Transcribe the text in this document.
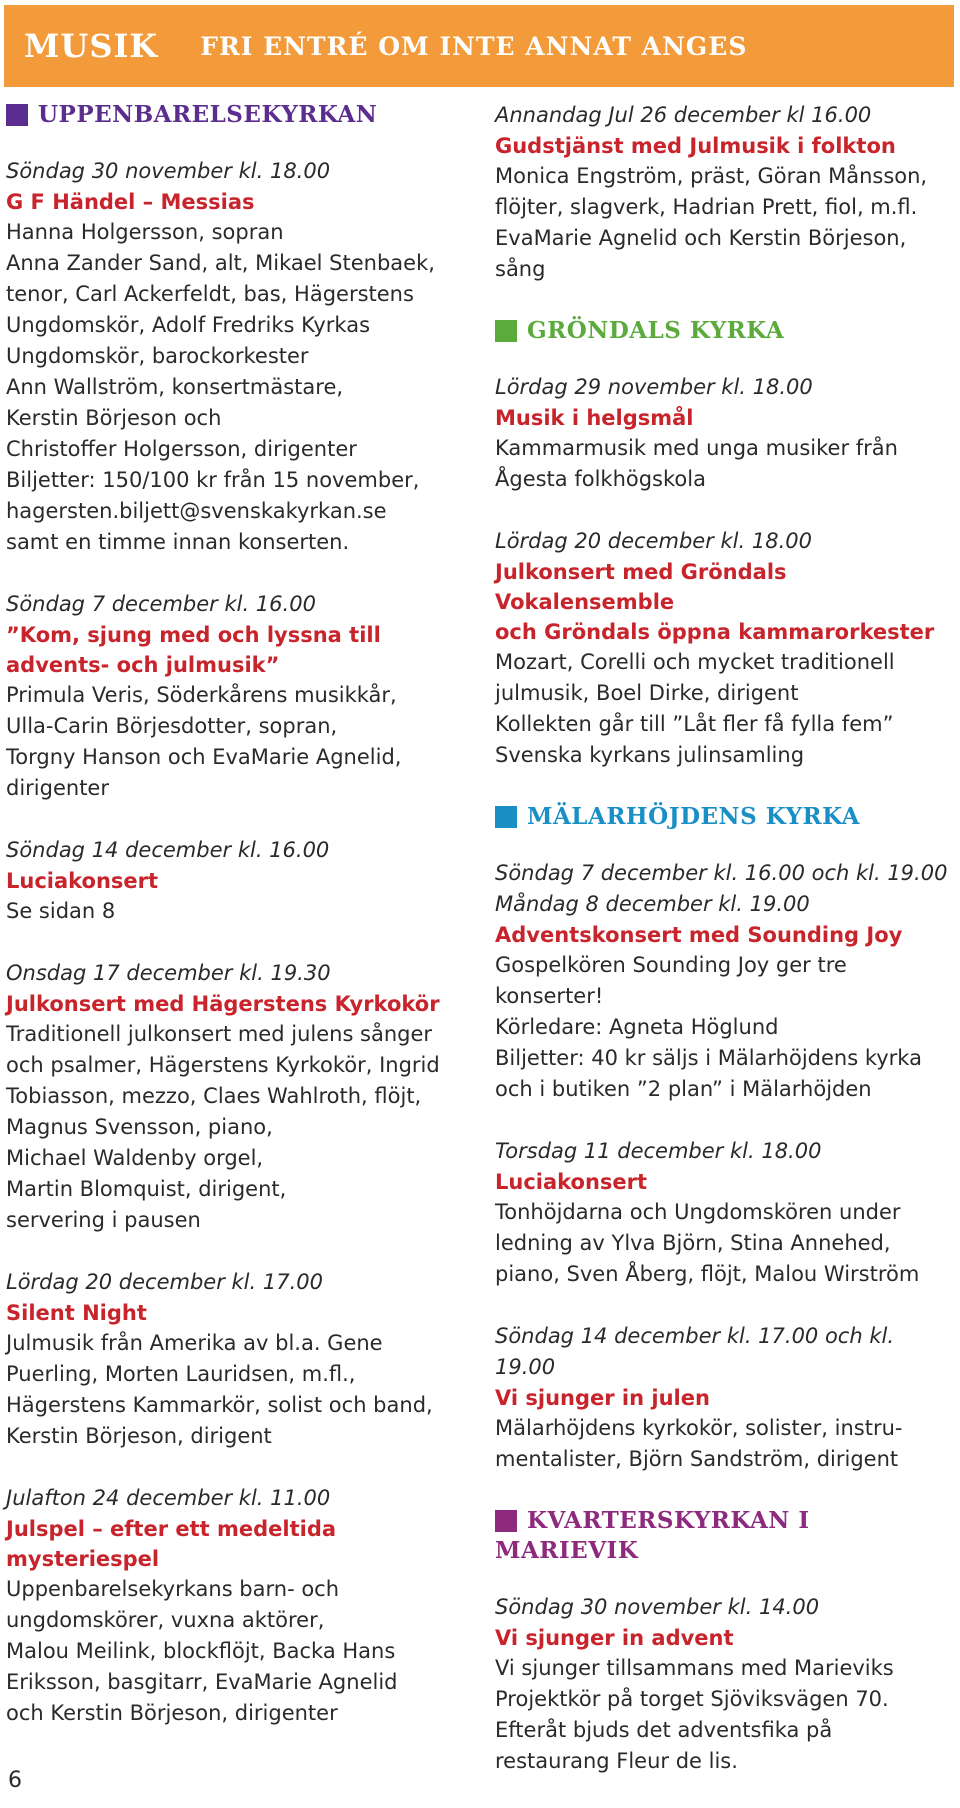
MUSIK FRI ENTRÉ OM INTE ANNAT ANGES
UPPENBARELSEKYRKAN
Söndag 30 november kl. 18.00
G F Händel – Messias
Hanna Holgersson, sopran
Anna Zander Sand, alt, Mikael Stenbaek,
tenor, Carl Ackerfeldt, bas, Hägerstens
Ungdomskör, Adolf Fredriks Kyrkas
Ungdomskör, barockorkester
Ann Wallström, konsertmästare,
Kerstin Börjeson och
Christoffer Holgersson, dirigenter
Biljetter: 150/100 kr från 15 november,
hagersten.biljett@svenskakyrkan.se
samt en timme innan konserten.
Söndag 7 december kl. 16.00
”Kom, sjung med och lyssna till
advents- och julmusik”
Primula Veris, Söderkårens musikkår,
Ulla-Carin Börjesdotter, sopran,
Torgny Hanson och EvaMarie Agnelid,
dirigenter
Söndag 14 december kl. 16.00
Luciakonsert
Se sidan 8
Onsdag 17 december kl. 19.30
Julkonsert med Hägerstens Kyrkokör
Traditionell julkonsert med julens sånger
och psalmer, Hägerstens Kyrkokör, Ingrid
Tobiasson, mezzo, Claes Wahlroth, flöjt,
Magnus Svensson, piano,
Michael Waldenby orgel,
Martin Blomquist, dirigent,
servering i pausen
Lördag 20 december kl. 17.00
Silent Night
Julmusik från Amerika av bl.a. Gene
Puerling, Morten Lauridsen, m.fl.,
Hägerstens Kammarkör, solist och band,
Kerstin Börjeson, dirigent
Julafton 24 december kl. 11.00
Julspel – efter ett medeltida
mysteriespel
Uppenbarelsekyrkans barn- och
ungdomskörer, vuxna aktörer,
Malou Meilink, blockflöjt, Backa Hans
Eriksson, basgitarr, EvaMarie Agnelid
och Kerstin Börjeson, dirigenter
Annandag Jul 26 december kl 16.00
Gudstjänst med Julmusik i folkton
Monica Engström, präst, Göran Månsson,
flöjter, slagverk, Hadrian Prett, fiol, m.fl.
EvaMarie Agnelid och Kerstin Börjeson,
sång
GRÖNDALS KYRKA
Lördag 29 november kl. 18.00
Musik i helgsmål
Kammarmusik med unga musiker från
Ågesta folkhögskola
Lördag 20 december kl. 18.00
Julkonsert med Gröndals Vokalensemble
och Gröndals öppna kammarorkester
Mozart, Corelli och mycket traditionell
julmusik, Boel Dirke, dirigent
Kollekten går till ”Låt fler få fylla fem”
Svenska kyrkans julinsamling
MÄLARHÖJDENS KYRKA
Söndag 7 december kl. 16.00 och kl. 19.00
Måndag 8 december kl. 19.00
Adventskonsert med Sounding Joy
Gospelkören Sounding Joy ger tre
konserter!
Körledare: Agneta Höglund
Biljetter: 40 kr säljs i Mälarhöjdens kyrka
och i butiken ”2 plan” i Mälarhöjden
Torsdag 11 december kl. 18.00
Luciakonsert
Tonhöjdarna och Ungdomskören under
ledning av Ylva Björn, Stina Annehed,
piano, Sven Åberg, flöjt, Malou Wirström
Söndag 14 december kl. 17.00 och kl. 19.00
Vi sjunger in julen
Mälarhöjdens kyrkokör, solister, instru-
mentalister, Björn Sandström, dirigent
KVARTERSKYRKAN I
MARIEVIK
Söndag 30 november kl. 14.00
Vi sjunger in advent
Vi sjunger tillsammans med Marieviks
Projektkör på torget Sjöviksvägen 70.
Efteråt bjuds det adventsfika på
restaurang Fleur de lis.
6
